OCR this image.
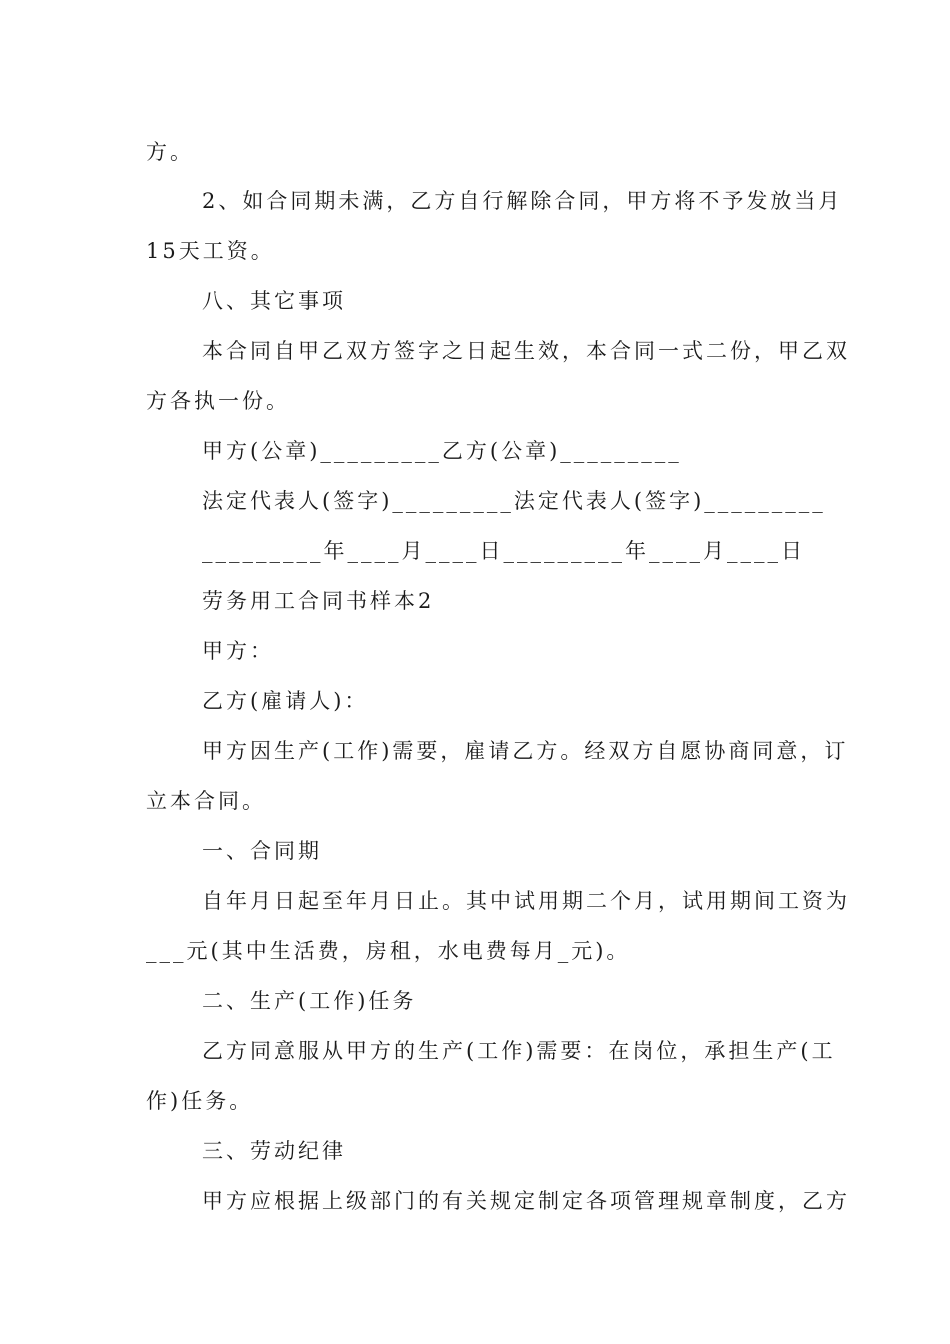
方。
2、如合同期未满，乙方自行解除合同，甲方将不予发放当月
15天工资。
八、其它事项
本合同自甲乙双方签字之日起生效，本合同一式二份，甲乙双
方各执一份。
甲方(公章)_________乙方(公章)_________
法定代表人(签字)_________法定代表人(签字)_________
_________年____月____日_________年____月____日
劳务用工合同书样本2
甲方：
乙方(雇请人)：
甲方因生产(工作)需要，雇请乙方。经双方自愿协商同意，订
立本合同。
一、合同期
自年月日起至年月日止。其中试用期二个月，试用期间工资为
___元(其中生活费，房租，水电费每月_元)。
二、生产(工作)任务
乙方同意服从甲方的生产(工作)需要：在岗位，承担生产(工
作)任务。
三、劳动纪律
甲方应根据上级部门的有关规定制定各项管理规章制度，乙方
